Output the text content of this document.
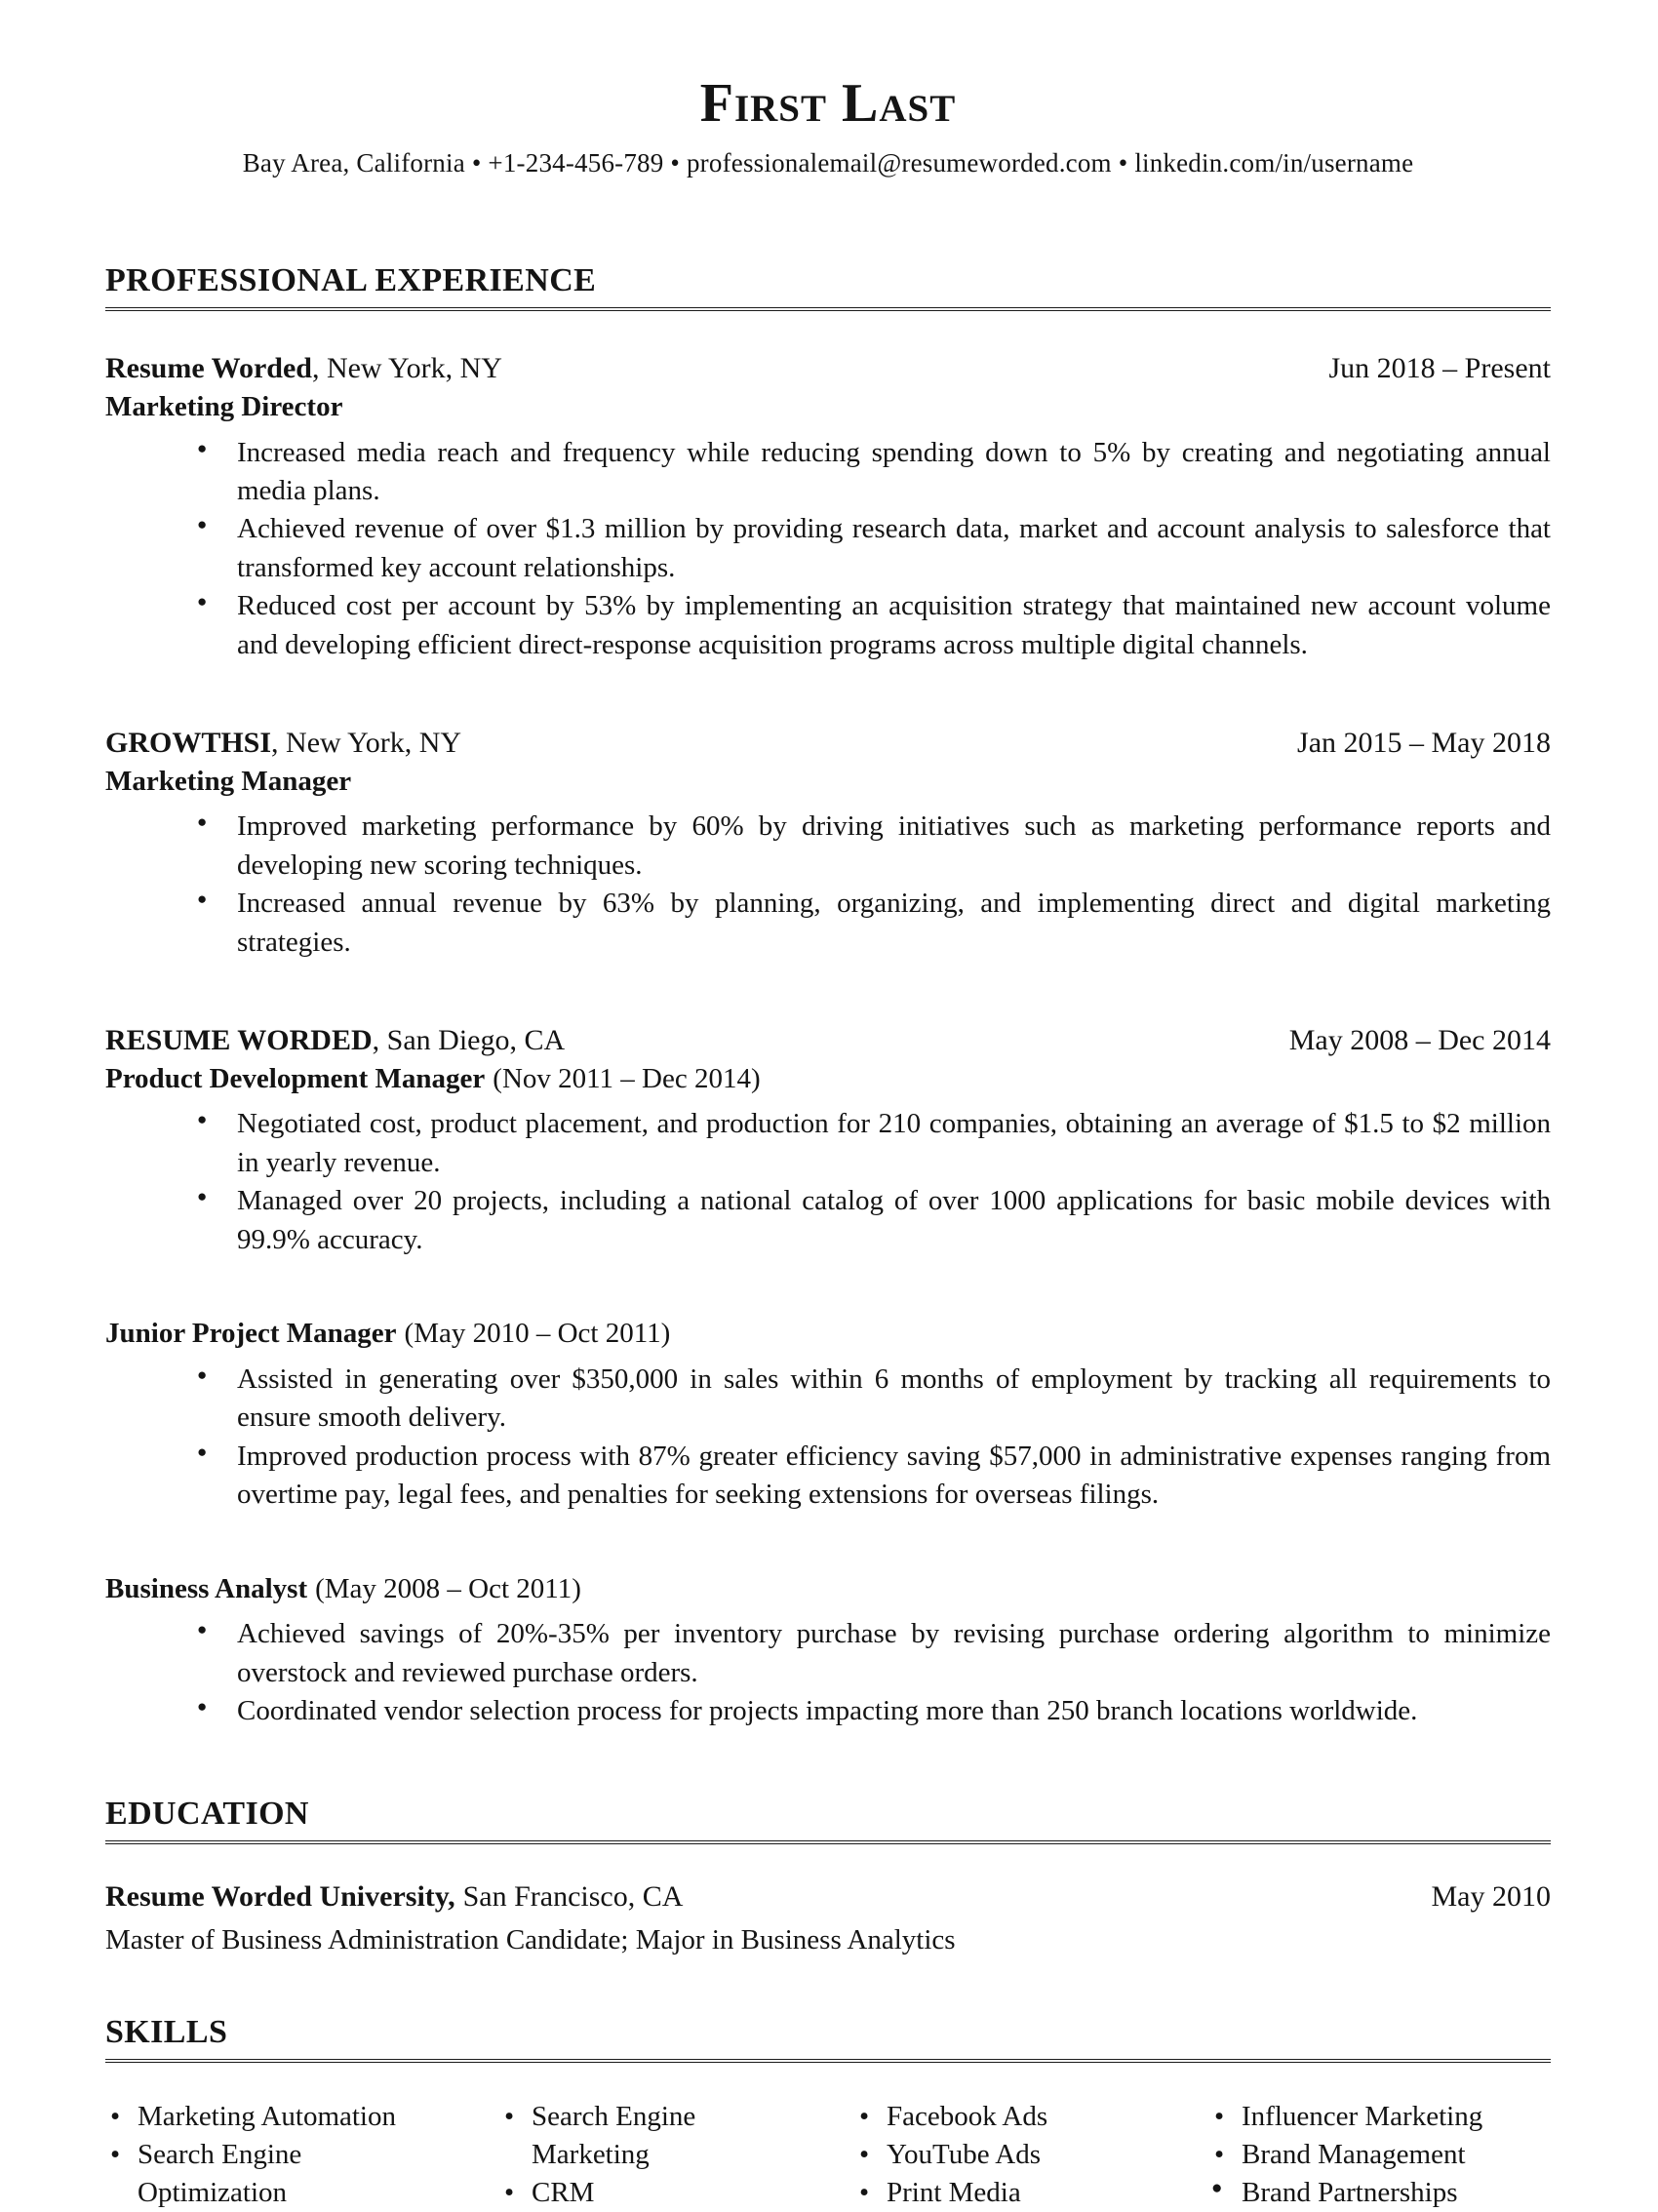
First Last
Bay Area, California • +1-234-456-789 • professionalemail@resumeworded.com • linkedin.com/in/username
PROFESSIONAL EXPERIENCE
Resume Worded, New York, NY	Jun 2018 – Present
Marketing Director
● Increased media reach and frequency while reducing spending down to 5% by creating and negotiating annual media plans.
● Achieved revenue of over $1.3 million by providing research data, market and account analysis to salesforce that transformed key account relationships.
● Reduced cost per account by 53% by implementing an acquisition strategy that maintained new account volume and developing efficient direct-response acquisition programs across multiple digital channels.
GROWTHSI, New York, NY	Jan 2015 – May 2018
Marketing Manager
● Improved marketing performance by 60% by driving initiatives such as marketing performance reports and developing new scoring techniques.
● Increased annual revenue by 63% by planning, organizing, and implementing direct and digital marketing strategies.
RESUME WORDED, San Diego, CA	May 2008 – Dec 2014
Product Development Manager (Nov 2011 – Dec 2014)
● Negotiated cost, product placement, and production for 210 companies, obtaining an average of $1.5 to $2 million in yearly revenue.
● Managed over 20 projects, including a national catalog of over 1000 applications for basic mobile devices with 99.9% accuracy.
Junior Project Manager (May 2010 – Oct 2011)
● Assisted in generating over $350,000 in sales within 6 months of employment by tracking all requirements to ensure smooth delivery.
● Improved production process with 87% greater efficiency saving $57,000 in administrative expenses ranging from overtime pay, legal fees, and penalties for seeking extensions for overseas filings.
Business Analyst (May 2008 – Oct 2011)
● Achieved savings of 20%-35% per inventory purchase by revising purchase ordering algorithm to minimize overstock and reviewed purchase orders.
● Coordinated vendor selection process for projects impacting more than 250 branch locations worldwide.
EDUCATION
Resume Worded University, San Francisco, CA	May 2010
Master of Business Administration Candidate; Major in Business Analytics
SKILLS
• Marketing Automation
• Search Engine Optimization
• Search Engine Marketing
• CRM
• Facebook Ads
• YouTube Ads
• Print Media
• Influencer Marketing
• Brand Management
● Brand Partnerships
